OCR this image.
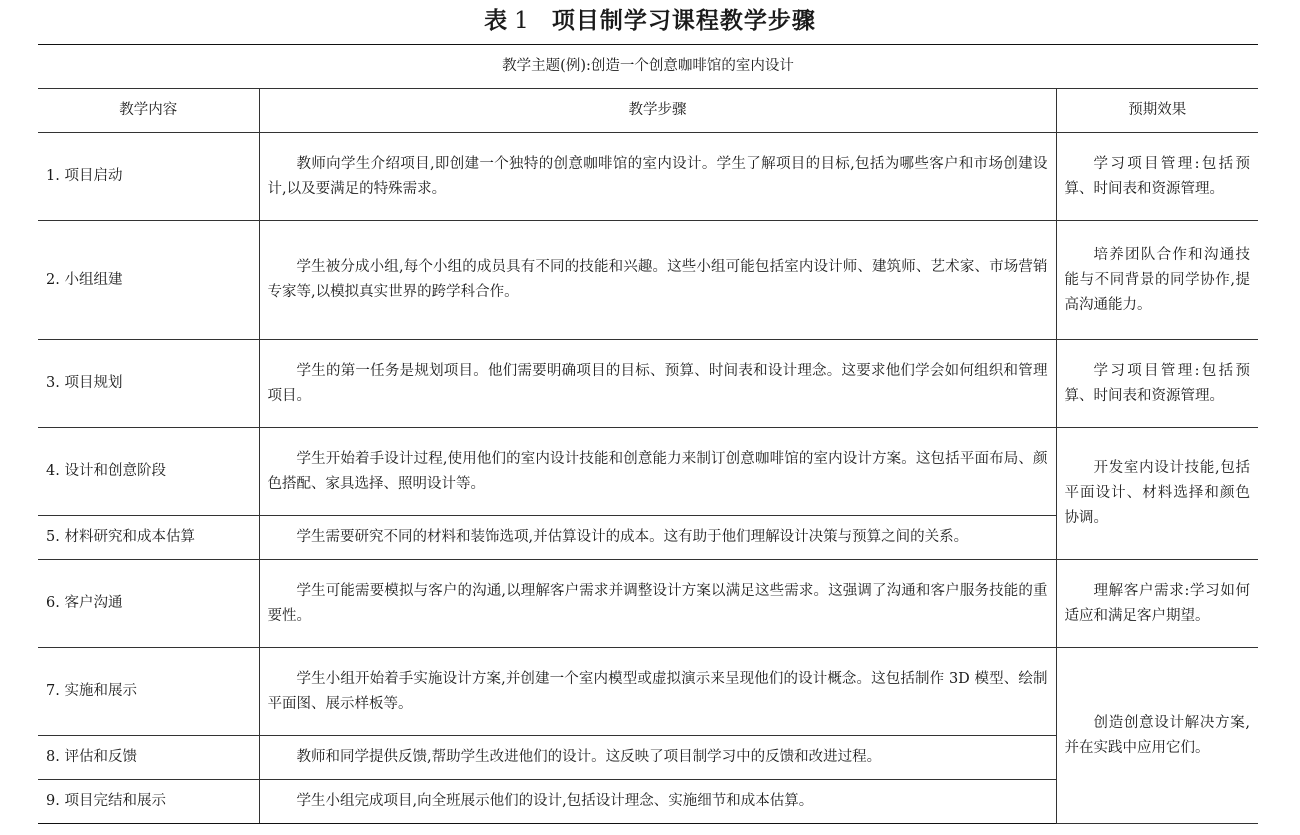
表 1 项目制学习课程教学步骤
教学主题(例):创造一个创意咖啡馆的室内设计		
教学内容	教学步骤	预期效果
1. 项目启动	教师向学生介绍项目,即创建一个独特的创意咖啡馆的室内设计。学生了解项目的目标,包括为哪些客户和市场创建设计,以及要满足的特殊需求。	学习项目管理:包括预算、时间表和资源管理。
2. 小组组建	学生被分成小组,每个小组的成员具有不同的技能和兴趣。这些小组可能包括室内设计师、建筑师、艺术家、市场营销专家等,以模拟真实世界的跨学科合作。	培养团队合作和沟通技能与不同背景的同学协作,提高沟通能力。
3. 项目规划	学生的第一任务是规划项目。他们需要明确项目的目标、预算、时间表和设计理念。这要求他们学会如何组织和管理项目。	学习项目管理:包括预算、时间表和资源管理。
4. 设计和创意阶段	学生开始着手设计过程,使用他们的室内设计技能和创意能力来制订创意咖啡馆的室内设计方案。这包括平面布局、颜色搭配、家具选择、照明设计等。	开发室内设计技能,包括平面设计、材料选择和颜色协调。
5. 材料研究和成本估算	学生需要研究不同的材料和装饰选项,并估算设计的成本。这有助于他们理解设计决策与预算之间的关系。	
6. 客户沟通	学生可能需要模拟与客户的沟通,以理解客户需求并调整设计方案以满足这些需求。这强调了沟通和客户服务技能的重要性。	理解客户需求:学习如何适应和满足客户期望。
7. 实施和展示	学生小组开始着手实施设计方案,并创建一个室内模型或虚拟演示来呈现他们的设计概念。这包括制作 3D 模型、绘制平面图、展示样板等。	创造创意设计解决方案,并在实践中应用它们。
8. 评估和反馈	教师和同学提供反馈,帮助学生改进他们的设计。这反映了项目制学习中的反馈和改进过程。	
9. 项目完结和展示	学生小组完成项目,向全班展示他们的设计,包括设计理念、实施细节和成本估算。	
